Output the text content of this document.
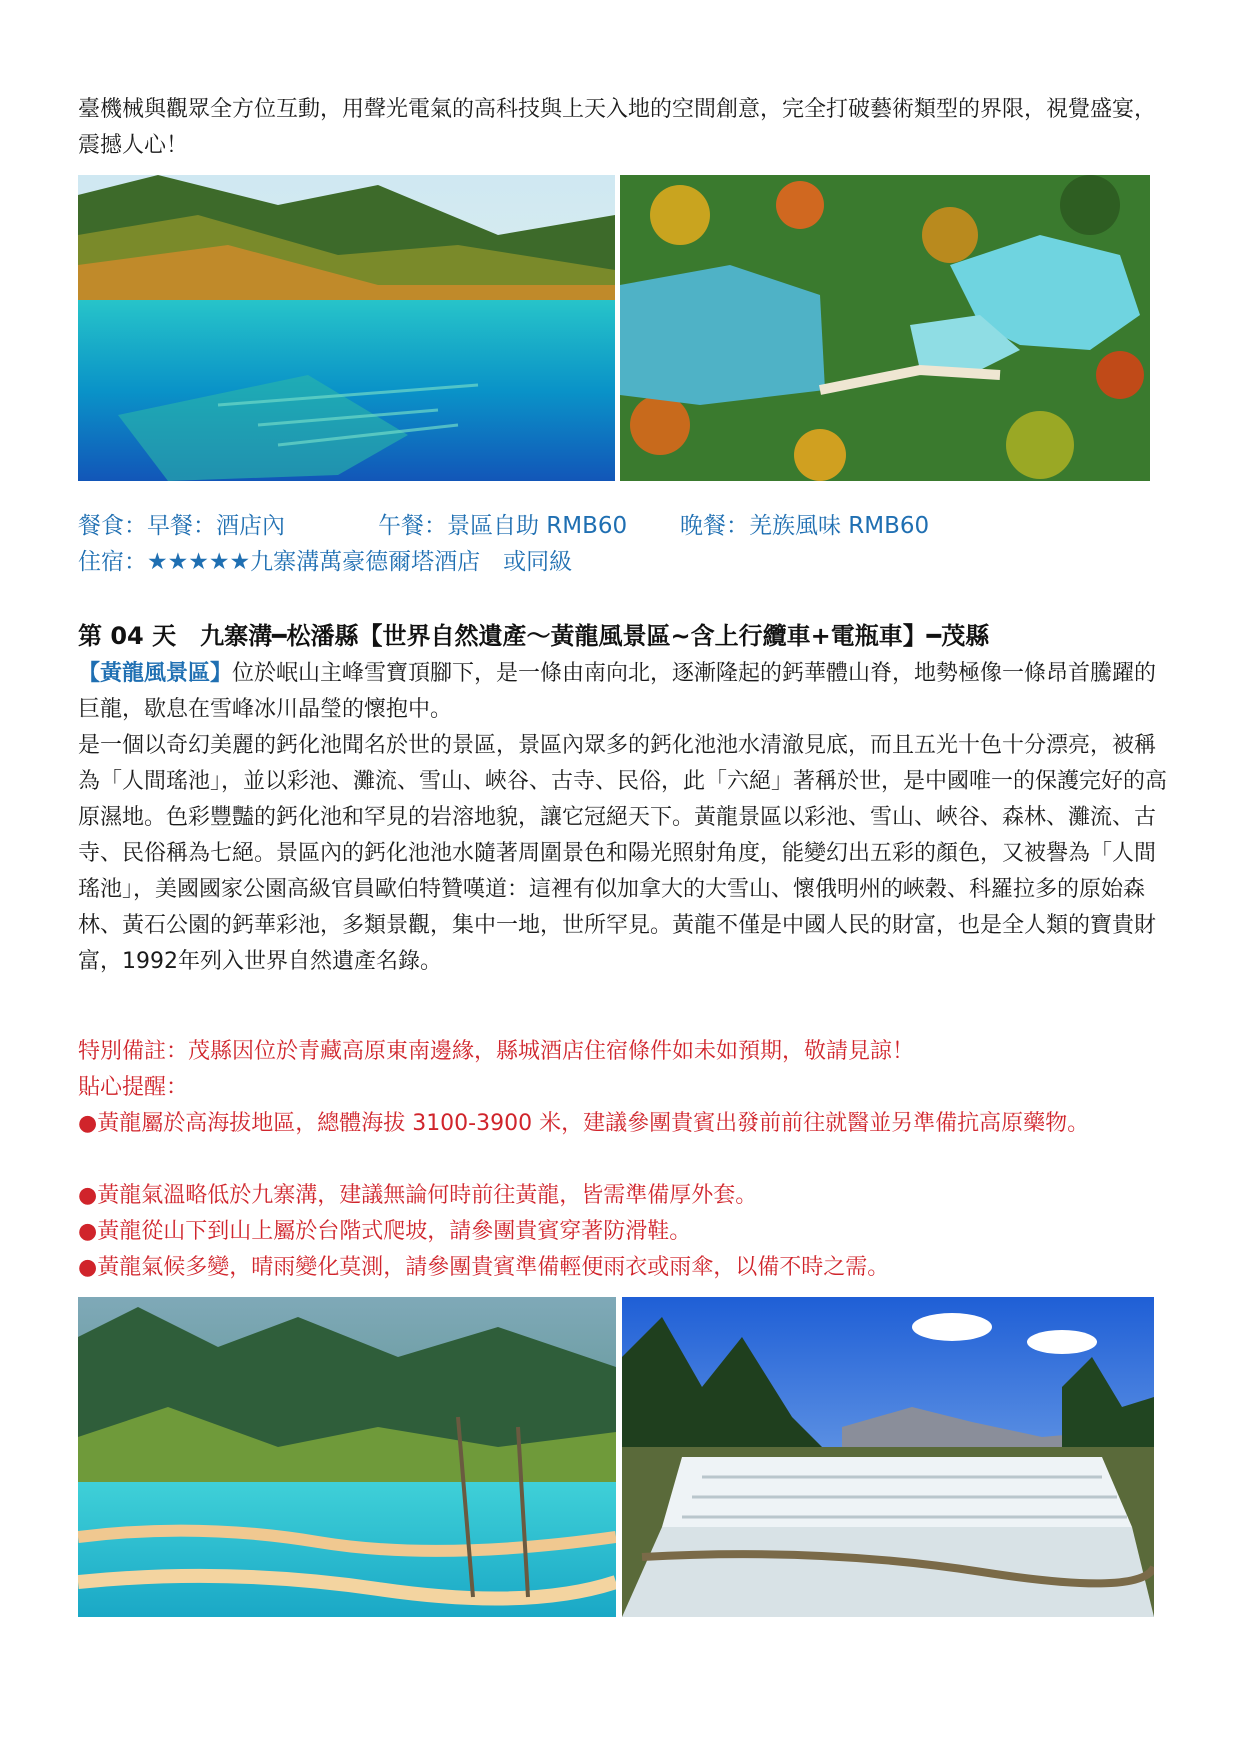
臺機械與觀眾全方位互動，用聲光電氣的高科技與上天入地的空間創意，完全打破藝術類型的界限，視覺盛宴，震撼人心！

餐食：早餐：酒店內	午餐：景區自助 RMB60 晚餐：羌族風味 RMB60
住宿：★★★★★九寨溝萬豪德爾塔酒店　或同級

第 04 天　九寨溝━松潘縣【世界自然遺產～黃龍風景區~含上行纜車+電瓶車】━茂縣

【黃龍風景區】位於岷山主峰雪寶頂腳下，是一條由南向北，逐漸隆起的鈣華體山脊，地勢極像一條昂首騰躍的巨龍，歇息在雪峰冰川晶瑩的懷抱中。

是一個以奇幻美麗的鈣化池聞名於世的景區，景區內眾多的鈣化池池水清澈見底，而且五光十色十分漂亮，被稱為「人間瑤池」，並以彩池、灘流、雪山、峽谷、古寺、民俗，此「六絕」著稱於世，是中國唯一的保護完好的高原濕地。色彩豐豔的鈣化池和罕見的岩溶地貌，讓它冠絕天下。黃龍景區以彩池、雪山、峽谷、森林、灘流、古寺、民俗稱為七絕。景區內的鈣化池池水隨著周圍景色和陽光照射角度，能變幻出五彩的顏色，又被譽為「人間瑤池」，美國國家公園高級官員歐伯特贊嘆道：這裡有似加拿大的大雪山、懷俄明州的峽穀、科羅拉多的原始森林、黃石公園的鈣華彩池，多類景觀，集中一地，世所罕見。黃龍不僅是中國人民的財富，也是全人類的寶貴財富，1992年列入世界自然遺產名錄。

特別備註：茂縣因位於青藏高原東南邊緣，縣城酒店住宿條件如未如預期，敬請見諒！

貼心提醒：

●黃龍屬於高海拔地區，總體海拔 3100-3900 米，建議參團貴賓出發前前往就醫並另準備抗高原藥物。

●黃龍氣溫略低於九寨溝，建議無論何時前往黃龍，皆需準備厚外套。

●黃龍從山下到山上屬於台階式爬坡，請參團貴賓穿著防滑鞋。

●黃龍氣候多變，晴雨變化莫測，請參團貴賓準備輕便雨衣或雨傘，以備不時之需。
